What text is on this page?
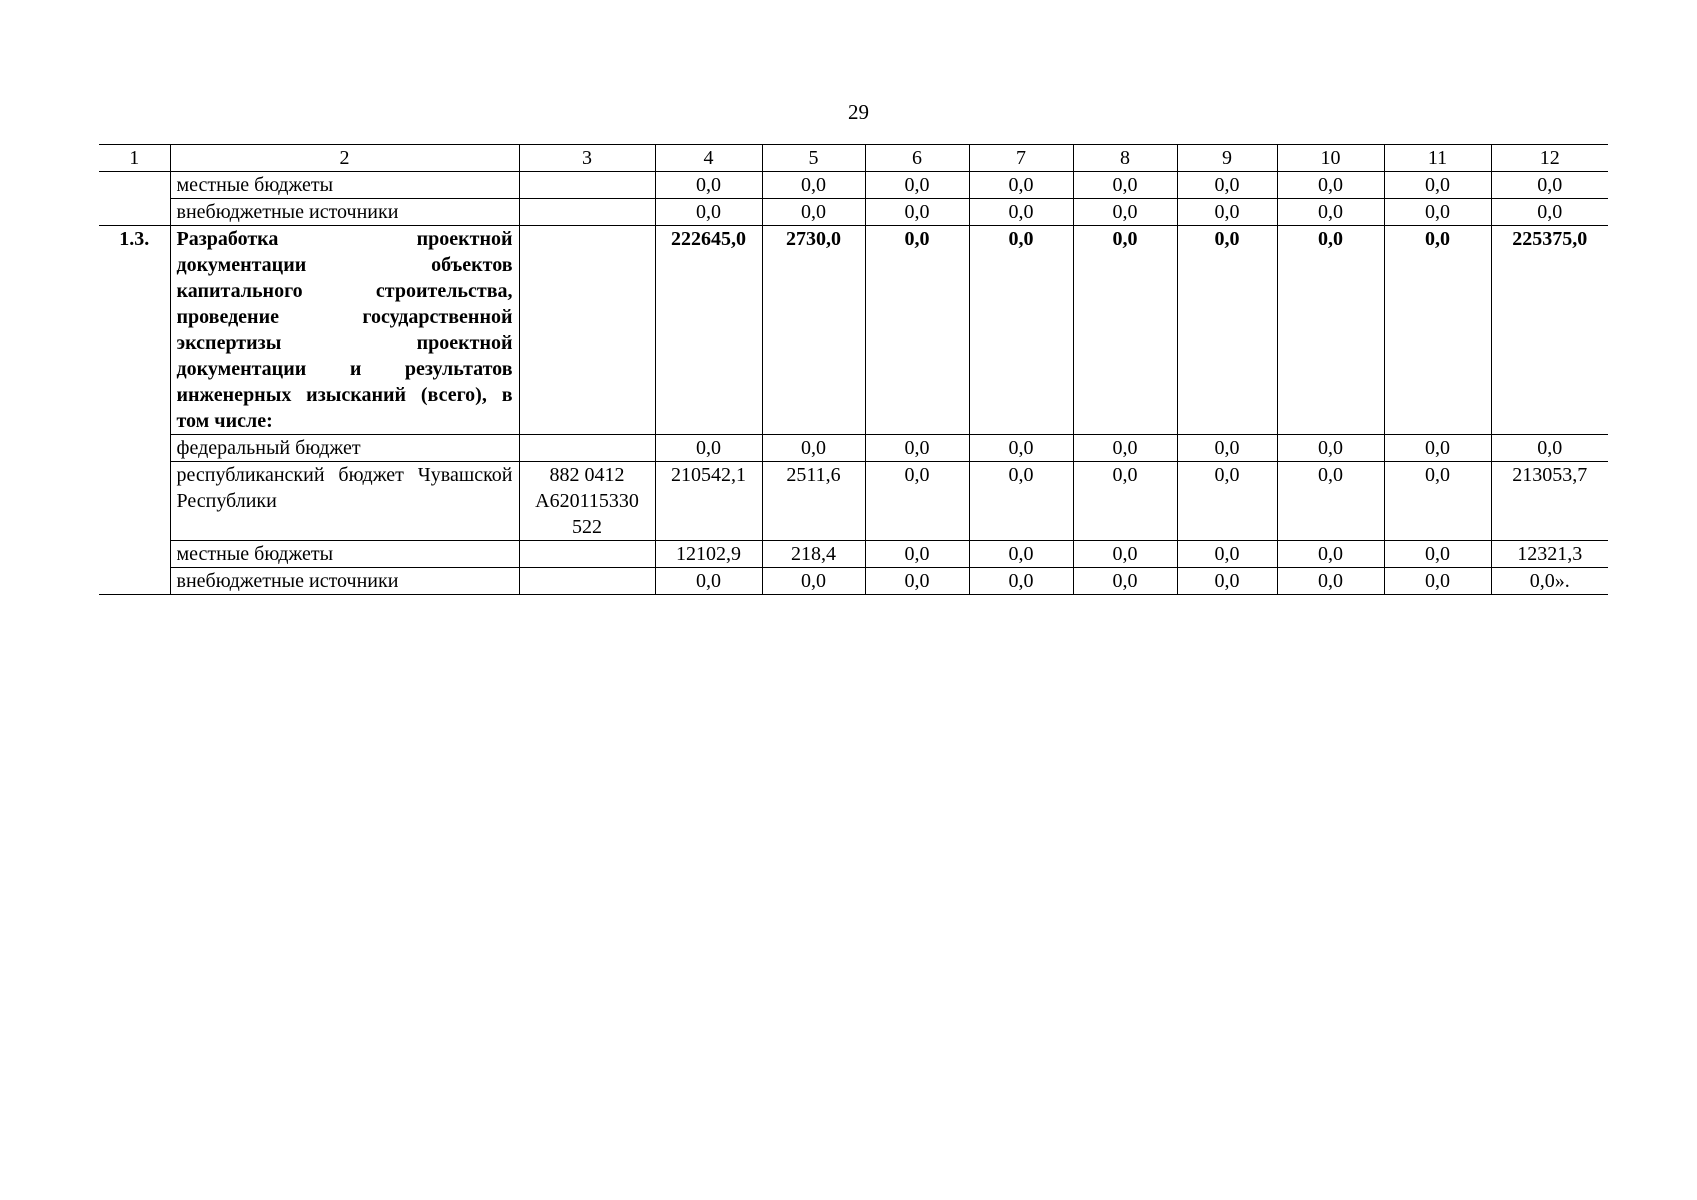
29
1	2	3	4	5	6	7	8	9	10	11	12
	местные бюджеты		0,0	0,0	0,0	0,0	0,0	0,0	0,0	0,0	0,0
	внебюджетные источники		0,0	0,0	0,0	0,0	0,0	0,0	0,0	0,0	0,0
1.3.	Разработка проектной документации объектов капитального строительства, проведение государственной экспертизы проектной документации и результатов инженерных изысканий (всего), в том числе:		222645,0	2730,0	0,0	0,0	0,0	0,0	0,0	0,0	225375,0
	федеральный бюджет		0,0	0,0	0,0	0,0	0,0	0,0	0,0	0,0	0,0
	республиканский бюджет Чувашской Республики	882 0412
А620115330
522	210542,1	2511,6	0,0	0,0	0,0	0,0	0,0	0,0	213053,7
	местные бюджеты		12102,9	218,4	0,0	0,0	0,0	0,0	0,0	0,0	12321,3
	внебюджетные источники		0,0	0,0	0,0	0,0	0,0	0,0	0,0	0,0	0,0».
